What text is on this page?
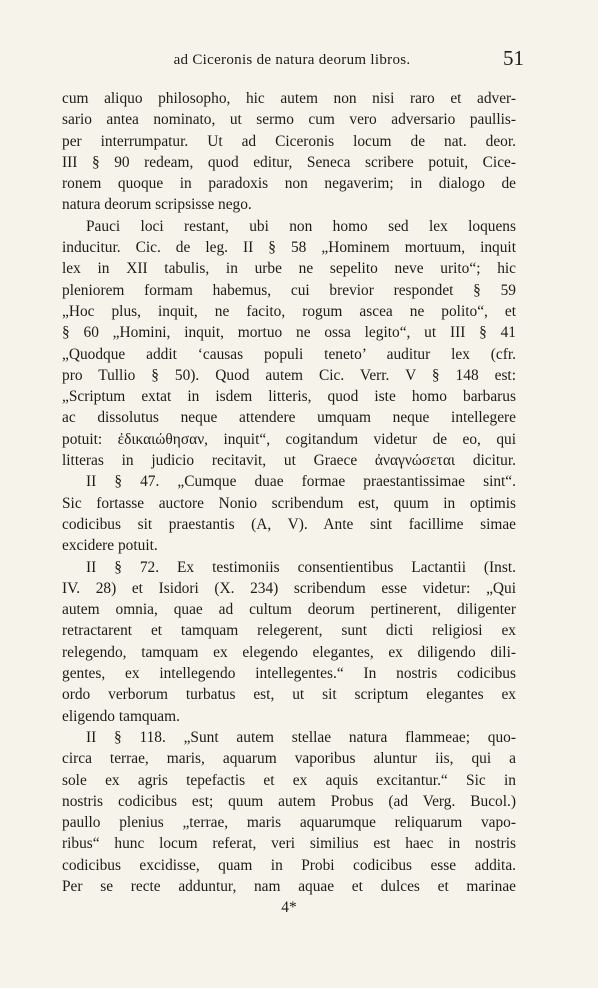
ad Ciceronis de natura deorum libros.	51
cum aliquo philosopho, hic autem non nisi raro et adver-
sario antea nominato, ut sermo cum vero adversario paullis-
per interrumpatur. Ut ad Ciceronis locum de nat. deor.
III § 90 redeam, quod editur, Seneca scribere potuit, Cice-
ronem quoque in paradoxis non negaverim; in dialogo de
natura deorum scripsisse nego.
Pauci loci restant, ubi non homo sed lex loquens
inducitur. Cic. de leg. II § 58 „Hominem mortuum, inquit
lex in XII tabulis, in urbe ne sepelito neve urito“; hic
pleniorem formam habemus, cui brevior respondet § 59
„Hoc plus, inquit, ne facito, rogum ascea ne polito“, et
§ 60 „Homini, inquit, mortuo ne ossa legito“, ut III § 41
„Quodque addit ‘causas populi teneto’ auditur lex (cfr.
pro Tullio § 50). Quod autem Cic. Verr. V § 148 est:
„Scriptum extat in isdem litteris, quod iste homo barbarus
ac dissolutus neque attendere umquam neque intellegere
potuit: ἐδικαιώθησαν, inquit“, cogitandum videtur de eo, qui
litteras in judicio recitavit, ut Graece ἀναγνώσεται dicitur.
II § 47. „Cumque duae formae praestantissimae sint“.
Sic fortasse auctore Nonio scribendum est, quum in optimis
codicibus sit praestantis (A, V). Ante sint facillime simae
excidere potuit.
II § 72. Ex testimoniis consentientibus Lactantii (Inst.
IV. 28) et Isidori (X. 234) scribendum esse videtur: „Qui
autem omnia, quae ad cultum deorum pertinerent, diligenter
retractarent et tamquam relegerent, sunt dicti religiosi ex
relegendo, tamquam ex elegendo elegantes, ex diligendo dili-
gentes, ex intellegendo intellegentes.“ In nostris codicibus
ordo verborum turbatus est, ut sit scriptum elegantes ex
eligendo tamquam.
II § 118. „Sunt autem stellae natura flammeae; quo-
circa terrae, maris, aquarum vaporibus aluntur iis, qui a
sole ex agris tepefactis et ex aquis excitantur.“ Sic in
nostris codicibus est; quum autem Probus (ad Verg. Bucol.)
paullo plenius „terrae, maris aquarumque reliquarum vapo-
ribus“ hunc locum referat, veri similius est haec in nostris
codicibus excidisse, quam in Probi codicibus esse addita.
Per se recte adduntur, nam aquae et dulces et marinae
4*
